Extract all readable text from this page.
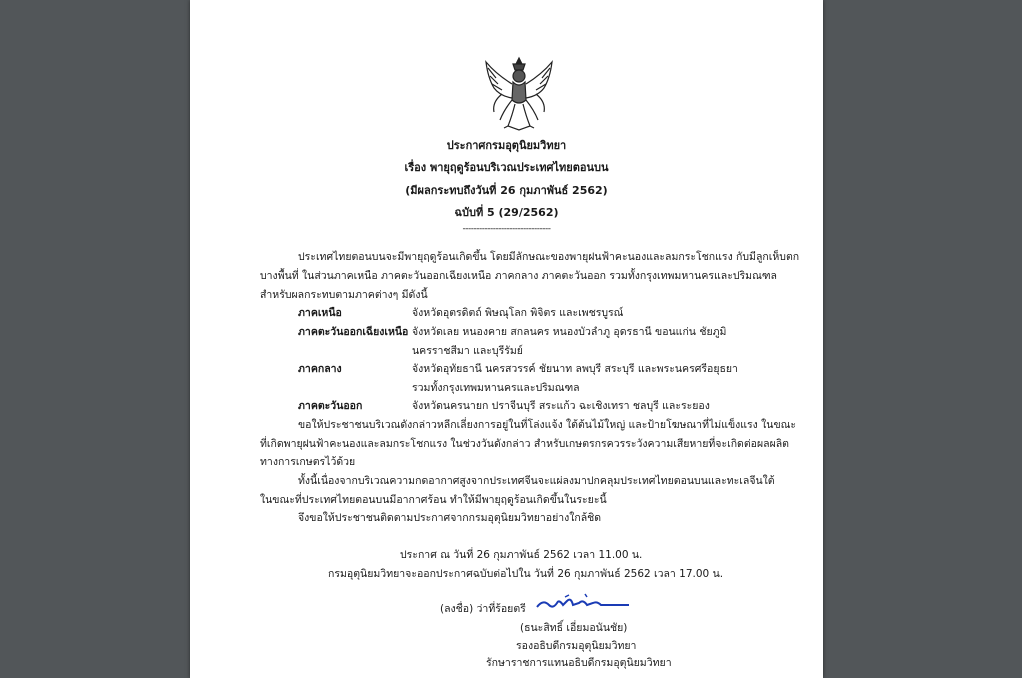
ประกาศกรมอุตุนิยมวิทยา
เรื่อง พายุฤดูร้อนบริเวณประเทศไทยตอนบน
(มีผลกระทบถึงวันที่ 26 กุมภาพันธ์ 2562)
ฉบับที่ 5 (29/2562)
--------------------------------
ประเทศไทยตอนบนจะมีพายุฤดูร้อนเกิดขึ้น โดยมีลักษณะของพายุฝนฟ้าคะนองและลมกระโชกแรง กับมีลูกเห็บตก
บางพื้นที่ ในส่วนภาคเหนือ ภาคตะวันออกเฉียงเหนือ ภาคกลาง ภาคตะวันออก รวมทั้งกรุงเทพมหานครและปริมณฑล
สำหรับผลกระทบตามภาคต่างๆ มีดังนี้
ภาคเหนือ	จังหวัดอุตรดิตถ์ พิษณุโลก พิจิตร และเพชรบูรณ์
ภาคตะวันออกเฉียงเหนือ จังหวัดเลย หนองคาย สกลนคร หนองบัวลำภู อุดรธานี ขอนแก่น ชัยภูมิ
นครราชสีมา และบุรีรัมย์
ภาคกลาง	จังหวัดอุทัยธานี นครสวรรค์ ชัยนาท ลพบุรี สระบุรี และพระนครศรีอยุธยา
รวมทั้งกรุงเทพมหานครและปริมณฑล
ภาคตะวันออก	จังหวัดนครนายก ปราจีนบุรี สระแก้ว ฉะเชิงเทรา ชลบุรี และระยอง
ขอให้ประชาชนบริเวณดังกล่าวหลีกเลี่ยงการอยู่ในที่โล่งแจ้ง ใต้ต้นไม้ใหญ่ และป้ายโฆษณาที่ไม่แข็งแรง ในขณะ
ที่เกิดพายุฝนฟ้าคะนองและลมกระโชกแรง ในช่วงวันดังกล่าว สำหรับเกษตรกรควรระวังความเสียหายที่จะเกิดต่อผลผลิต
ทางการเกษตรไว้ด้วย
ทั้งนี้เนื่องจากบริเวณความกดอากาศสูงจากประเทศจีนจะแผ่ลงมาปกคลุมประเทศไทยตอนบนและทะเลจีนใต้
ในขณะที่ประเทศไทยตอนบนมีอากาศร้อน ทำให้มีพายุฤดูร้อนเกิดขึ้นในระยะนี้
จึงขอให้ประชาชนติดตามประกาศจากกรมอุตุนิยมวิทยาอย่างใกล้ชิด
ประกาศ ณ วันที่ 26 กุมภาพันธ์ 2562 เวลา 11.00 น.
กรมอุตุนิยมวิทยาจะออกประกาศฉบับต่อไปใน วันที่ 26 กุมภาพันธ์ 2562 เวลา 17.00 น.
(ลงชื่อ) ว่าที่ร้อยตรี
(ธนะสิทธิ์ เอี่ยมอนันชัย)
รองอธิบดีกรมอุตุนิยมวิทยา
รักษาราชการแทนอธิบดีกรมอุตุนิยมวิทยา
